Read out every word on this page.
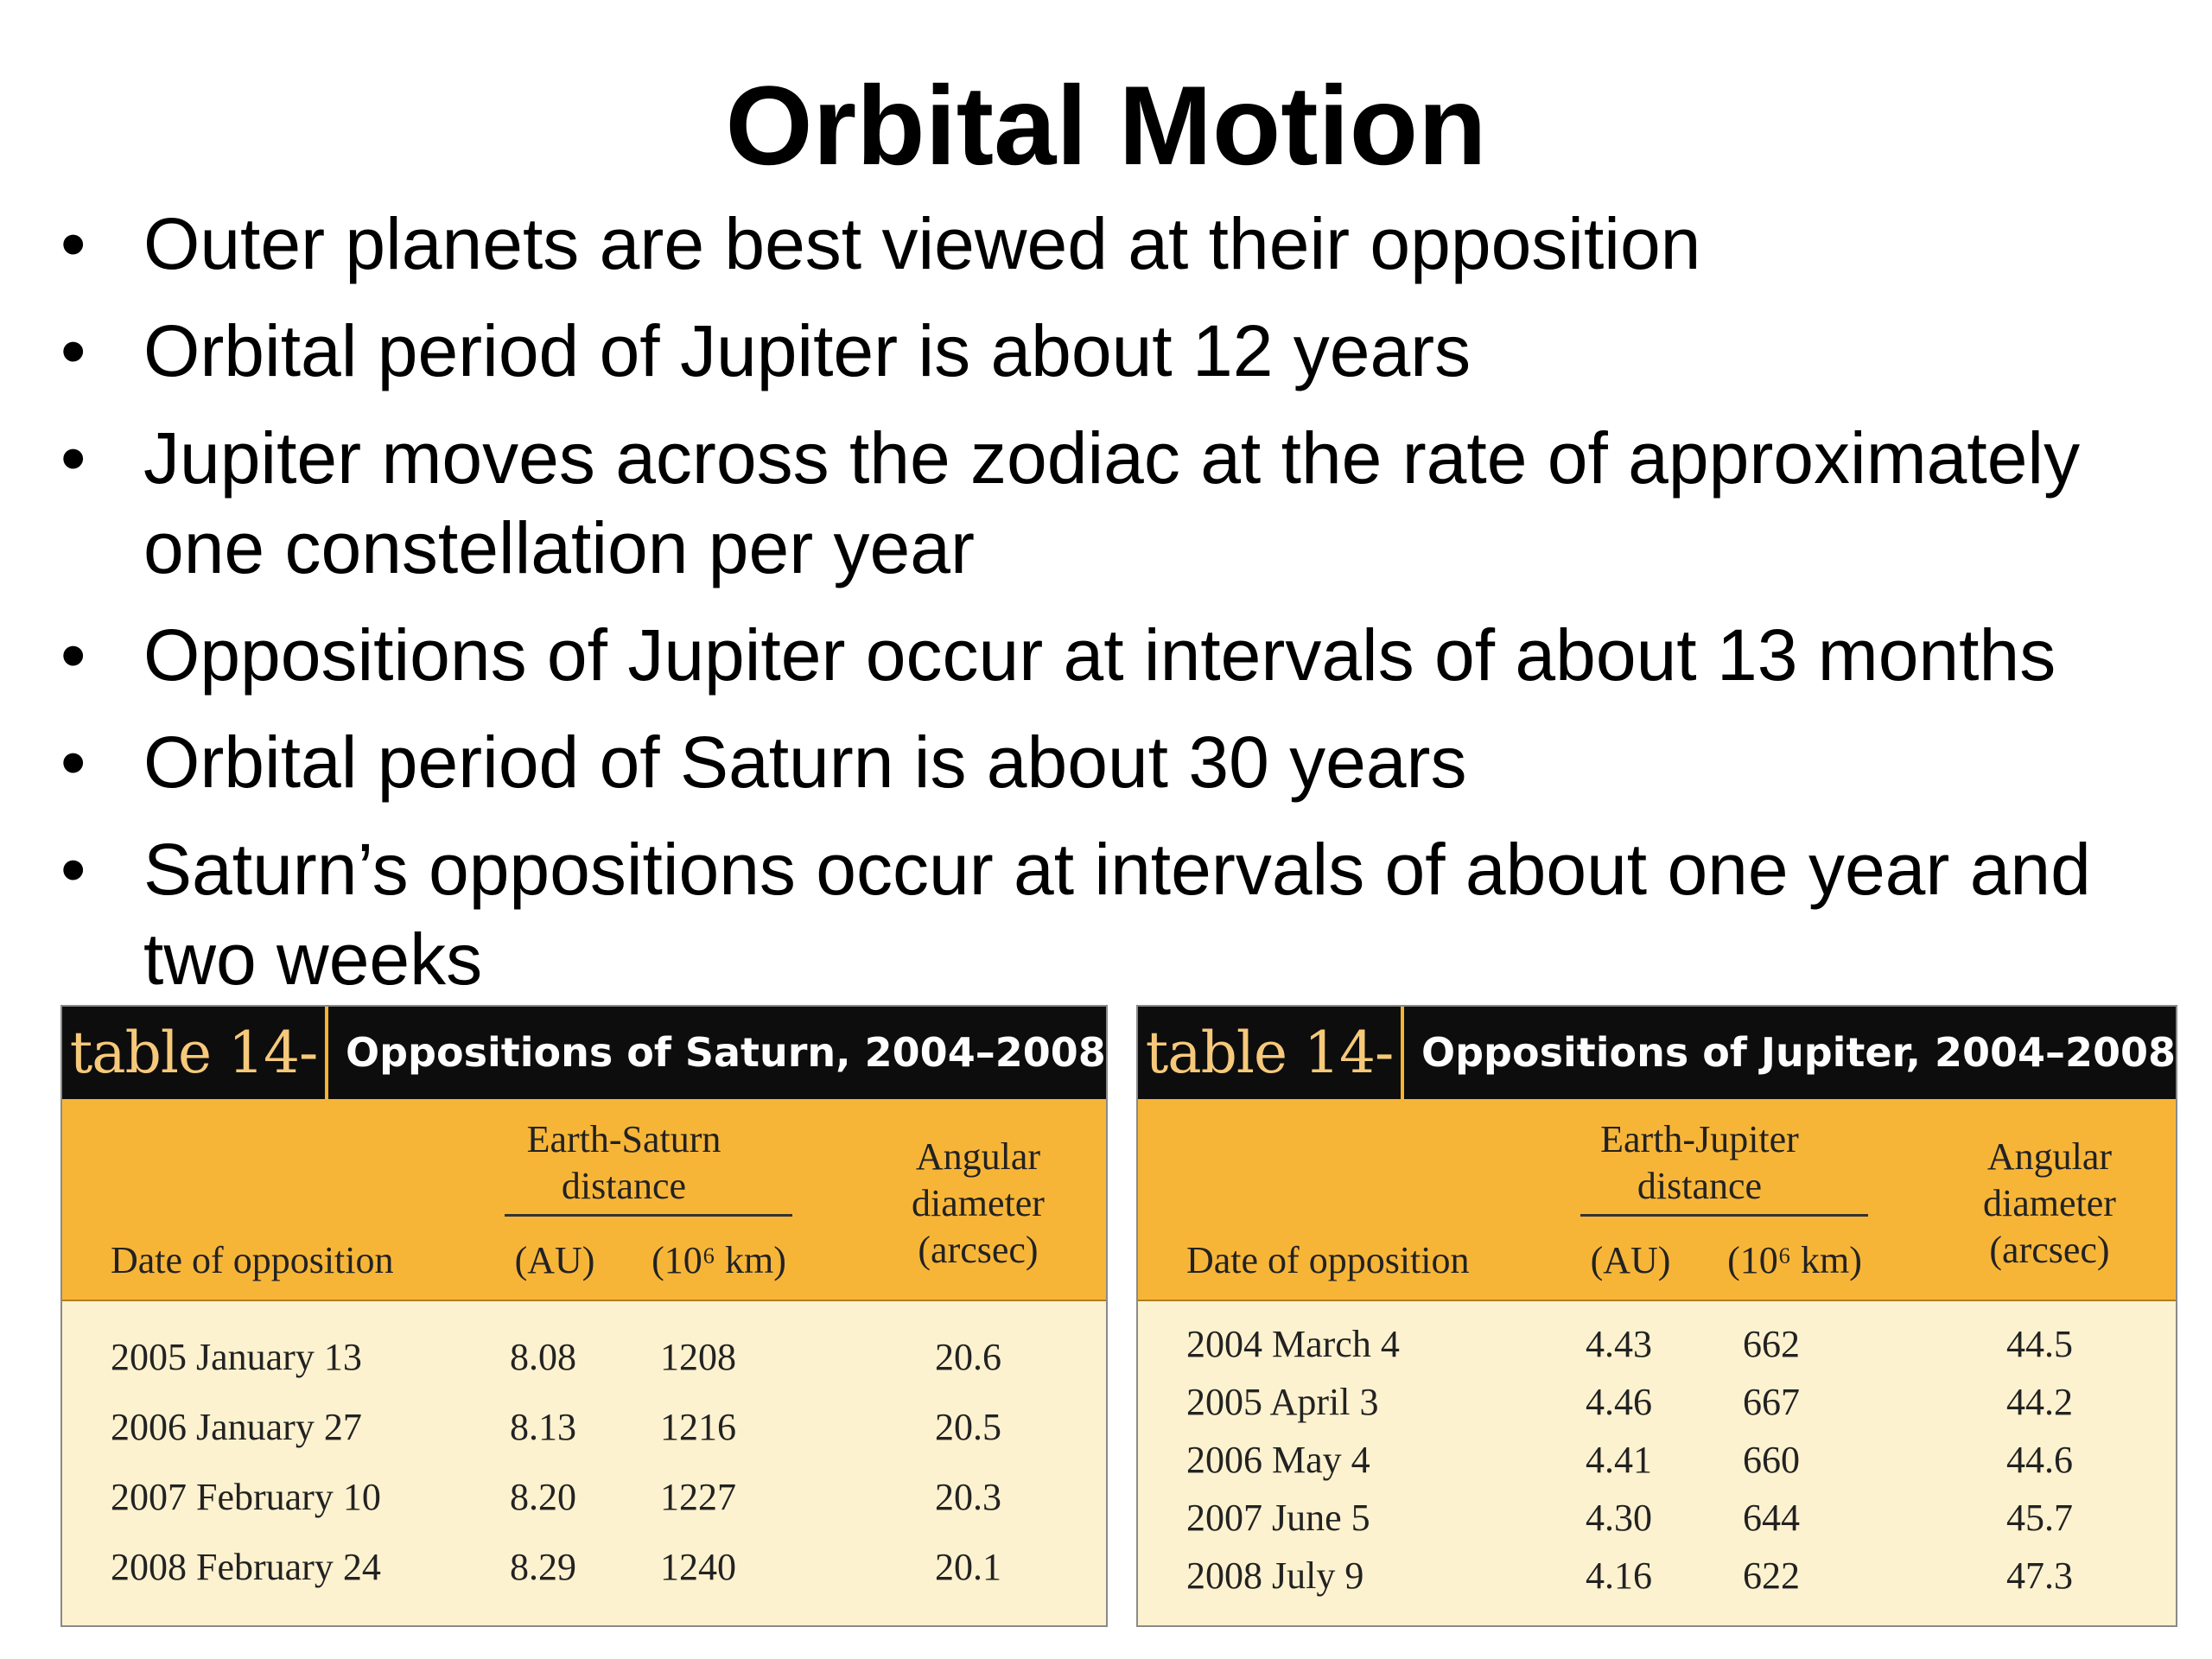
Orbital Motion
• Outer planets are best viewed at their opposition
• Orbital period of Jupiter is about 12 years
• Jupiter moves across the zodiac at the rate of approximately one constellation per year
• Oppositions of Jupiter occur at intervals of about 13 months
• Orbital period of Saturn is about 30 years
• Saturn’s oppositions occur at intervals of about one year and two weeks
table 14- Oppositions of Saturn, 2004–2008
Earth-Saturn distance
Date of opposition	(AU)	(10⁶ km)
Angular diameter (arcsec)
2005 January 13	8.08 1208	20.6
2006 January 27	8.13 1216	20.5
2007 February 10	8.20 1227	20.3
2008 February 24	8.29 1240	20.1
table 14- Oppositions of Jupiter, 2004–2008
Earth-Jupiter distance
Date of opposition	(AU)	(10⁶ km)
Angular diameter (arcsec)
2004 March 4	4.43 662	44.5
2005 April 3	4.46 667	44.2
2006 May 4	4.41 660	44.6
2007 June 5	4.30 644	45.7
2008 July 9	4.16 622	47.3
